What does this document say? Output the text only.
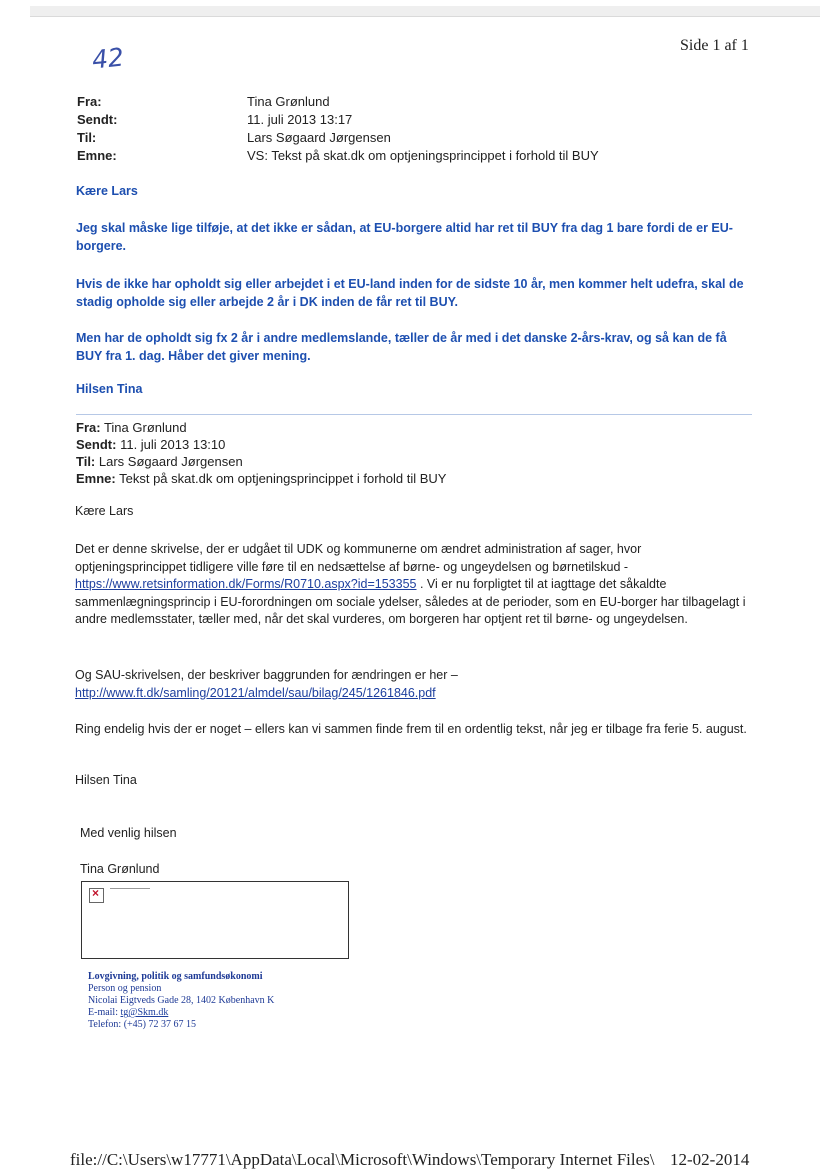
42	Side 1 af 1
Fra:	Tina Grønlund
Sendt:	11. juli 2013 13:17
Til:	Lars Søgaard Jørgensen
Emne:	VS: Tekst på skat.dk om optjeningsprincippet i forhold til BUY
Kære Lars
Jeg skal måske lige tilføje, at det ikke er sådan, at EU-borgere altid har ret til BUY fra dag 1 bare fordi de er EU-borgere.
Hvis de ikke har opholdt sig eller arbejdet i et EU-land inden for de sidste 10 år, men kommer helt udefra, skal de stadig opholde sig eller arbejde 2 år i DK inden de får ret til BUY.
Men har de opholdt sig fx 2 år i andre medlemslande, tæller de år med i det danske 2-års-krav, og så kan de få BUY fra 1. dag. Håber det giver mening.
Hilsen Tina
Fra: Tina Grønlund
Sendt: 11. juli 2013 13:10
Til: Lars Søgaard Jørgensen
Emne: Tekst på skat.dk om optjeningsprincippet i forhold til BUY
Kære Lars
Det er denne skrivelse, der er udgået til UDK og kommunerne om ændret administration af sager, hvor optjeningsprincippet tidligere ville føre til en nedsættelse af børne- og ungeydelsen og børnetilskud - https://www.retsinformation.dk/Forms/R0710.aspx?id=153355 . Vi er nu forpligtet til at iagttage det såkaldte sammenlægningsprincip i EU-forordningen om sociale ydelser, således at de perioder, som en EU-borger har tilbagelagt i andre medlemsstater, tæller med, når det skal vurderes, om borgeren har optjent ret til børne- og ungeydelsen.
Og SAU-skrivelsen, der beskriver baggrunden for ændringen er her –
http://www.ft.dk/samling/20121/almdel/sau/bilag/245/1261846.pdf
Ring endelig hvis der er noget – ellers kan vi sammen finde frem til en ordentlig tekst, når jeg er tilbage fra ferie 5. august.
Hilsen Tina
Med venlig hilsen
Tina Grønlund
×
Lovgivning, politik og samfundsøkonomi
Person og pension
Nicolai Eigtveds Gade 28, 1402 København K
E-mail: tg@Skm.dk
Telefon: (+45) 72 37 67 15
file://C:\Users\w17771\AppData\Local\Microsoft\Windows\Temporary Internet Files\ 12-02-2014
